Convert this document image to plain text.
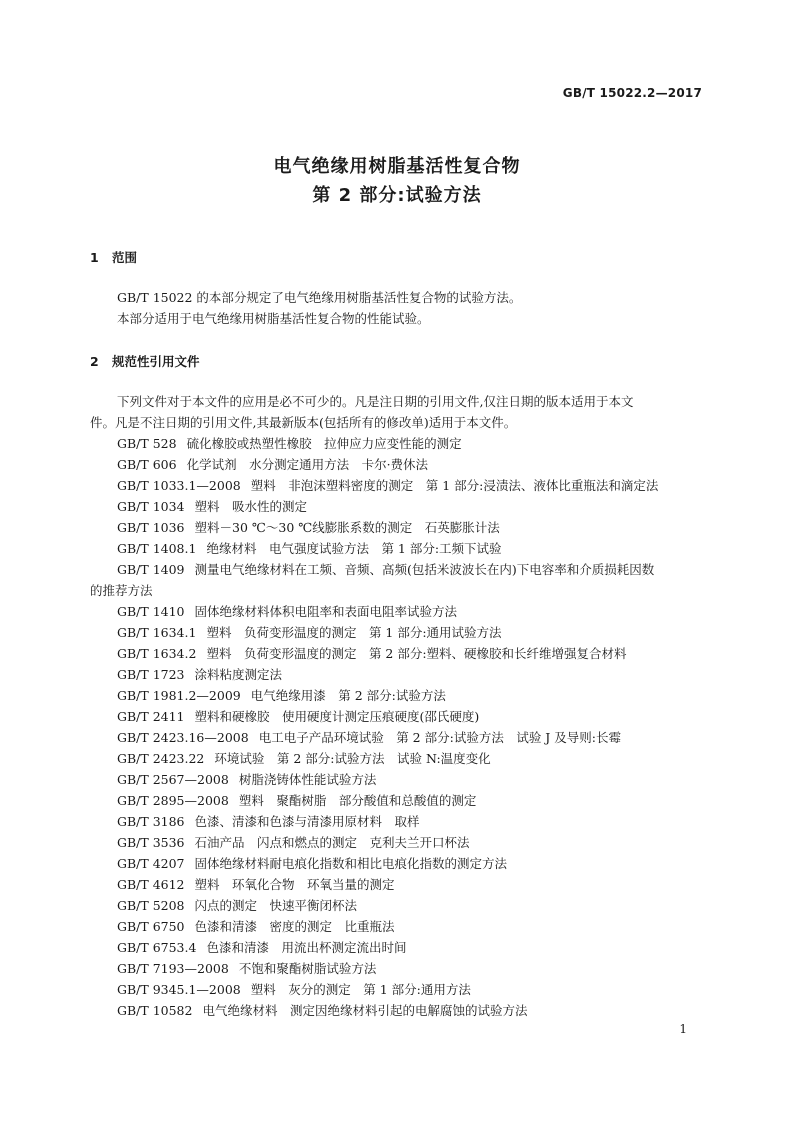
GB/T 15022.2—2017
电气绝缘用树脂基活性复合物
第 2 部分:试验方法
1 范围
GB/T 15022 的本部分规定了电气绝缘用树脂基活性复合物的试验方法。
本部分适用于电气绝缘用树脂基活性复合物的性能试验。
2 规范性引用文件
下列文件对于本文件的应用是必不可少的。凡是注日期的引用文件,仅注日期的版本适用于本文
件。凡是不注日期的引用文件,其最新版本(包括所有的修改单)适用于本文件。
GB/T 528 硫化橡胶或热塑性橡胶　拉伸应力应变性能的测定
GB/T 606 化学试剂　水分测定通用方法　卡尔·费休法
GB/T 1033.1—2008 塑料　非泡沫塑料密度的测定　第 1 部分:浸渍法、液体比重瓶法和滴定法
GB/T 1034 塑料　吸水性的测定
GB/T 1036 塑料－30 ℃～30 ℃线膨胀系数的测定　石英膨胀计法
GB/T 1408.1 绝缘材料　电气强度试验方法　第 1 部分:工频下试验
GB/T 1409 测量电气绝缘材料在工频、音频、高频(包括米波波长在内)下电容率和介质损耗因数
的推荐方法
GB/T 1410 固体绝缘材料体积电阻率和表面电阻率试验方法
GB/T 1634.1 塑料　负荷变形温度的测定　第 1 部分:通用试验方法
GB/T 1634.2 塑料　负荷变形温度的测定　第 2 部分:塑料、硬橡胶和长纤维增强复合材料
GB/T 1723 涂料粘度测定法
GB/T 1981.2—2009 电气绝缘用漆　第 2 部分:试验方法
GB/T 2411 塑料和硬橡胶　使用硬度计测定压痕硬度(邵氏硬度)
GB/T 2423.16—2008 电工电子产品环境试验　第 2 部分:试验方法　试验 J 及导则:长霉
GB/T 2423.22 环境试验　第 2 部分:试验方法　试验 N:温度变化
GB/T 2567—2008 树脂浇铸体性能试验方法
GB/T 2895—2008 塑料　聚酯树脂　部分酸值和总酸值的测定
GB/T 3186 色漆、清漆和色漆与清漆用原材料　取样
GB/T 3536 石油产品　闪点和燃点的测定　克利夫兰开口杯法
GB/T 4207 固体绝缘材料耐电痕化指数和相比电痕化指数的测定方法
GB/T 4612 塑料　环氧化合物　环氧当量的测定
GB/T 5208 闪点的测定　快速平衡闭杯法
GB/T 6750 色漆和清漆　密度的测定　比重瓶法
GB/T 6753.4 色漆和清漆　用流出杯测定流出时间
GB/T 7193—2008 不饱和聚酯树脂试验方法
GB/T 9345.1—2008 塑料　灰分的测定　第 1 部分:通用方法
GB/T 10582 电气绝缘材料　测定因绝缘材料引起的电解腐蚀的试验方法
1
